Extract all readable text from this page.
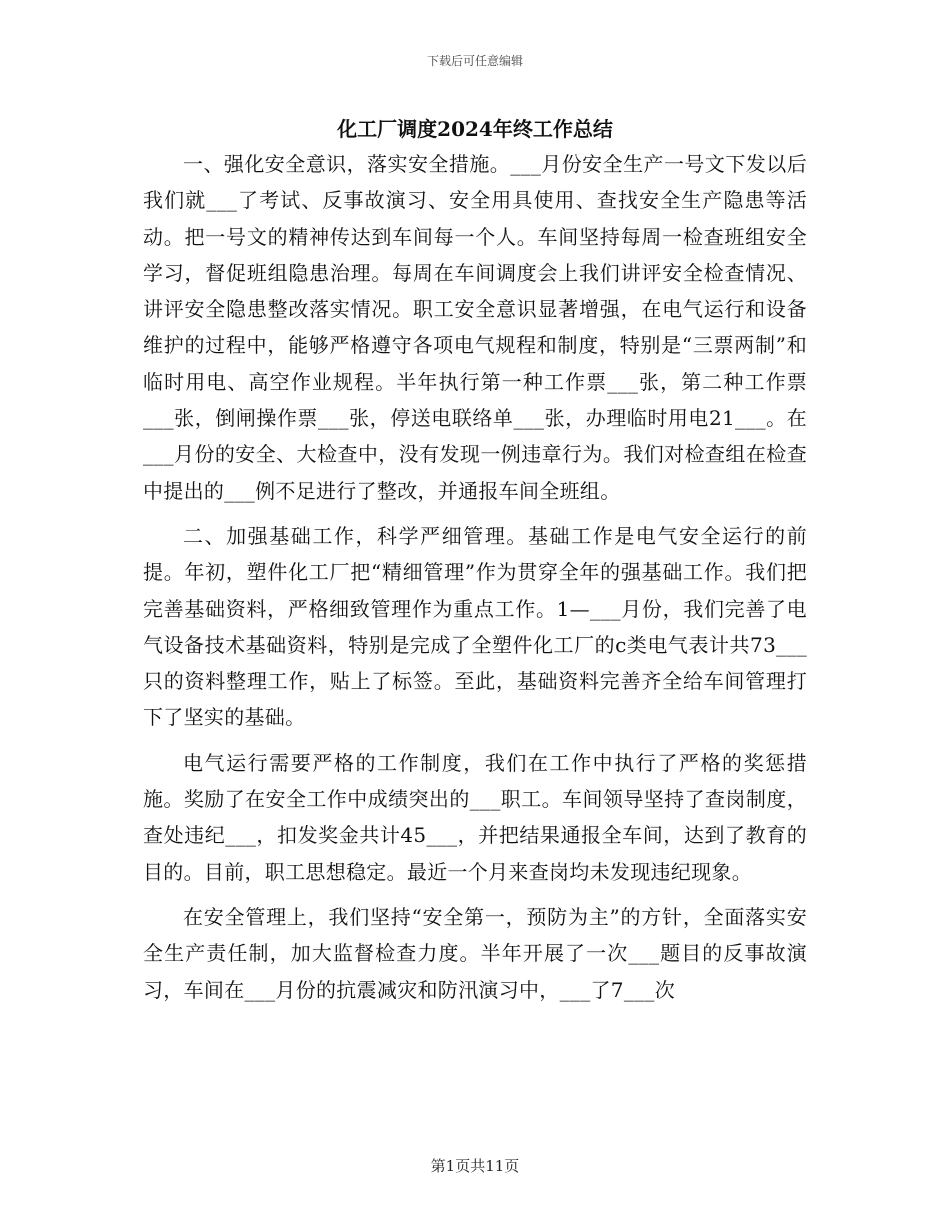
下载后可任意编辑
化工厂调度2024年终工作总结

一、强化安全意识，落实安全措施。___月份安全生产一号文下发以后我们就___了考试、反事故演习、安全用具使用、查找安全生产隐患等活动。把一号文的精神传达到车间每一个人。车间坚持每周一检查班组安全学习，督促班组隐患治理。每周在车间调度会上我们讲评安全检查情况、讲评安全隐患整改落实情况。职工安全意识显著增强，在电气运行和设备维护的过程中，能够严格遵守各项电气规程和制度，特别是“三票两制”和临时用电、高空作业规程。半年执行第一种工作票___张，第二种工作票___张，倒闸操作票___张，停送电联络单___张，办理临时用电21___。在___月份的安全、大检查中，没有发现一例违章行为。我们对检查组在检查中提出的___例不足进行了整改，并通报车间全班组。

二、加强基础工作，科学严细管理。基础工作是电气安全运行的前提。年初，塑件化工厂把“精细管理”作为贯穿全年的强基础工作。我们把完善基础资料，严格细致管理作为重点工作。1—___月份，我们完善了电气设备技术基础资料，特别是完成了全塑件化工厂的c类电气表计共73___只的资料整理工作，贴上了标签。至此，基础资料完善齐全给车间管理打下了坚实的基础。

电气运行需要严格的工作制度，我们在工作中执行了严格的奖惩措施。奖励了在安全工作中成绩突出的___职工。车间领导坚持了查岗制度，查处违纪___，扣发奖金共计45___，并把结果通报全车间，达到了教育的目的。目前，职工思想稳定。最近一个月来查岗均未发现违纪现象。

在安全管理上，我们坚持“安全第一，预防为主”的方针，全面落实安全生产责任制，加大监督检查力度。半年开展了一次___题目的反事故演习，车间在___月份的抗震减灾和防汛演习中，___了7___次

第1页共11页
